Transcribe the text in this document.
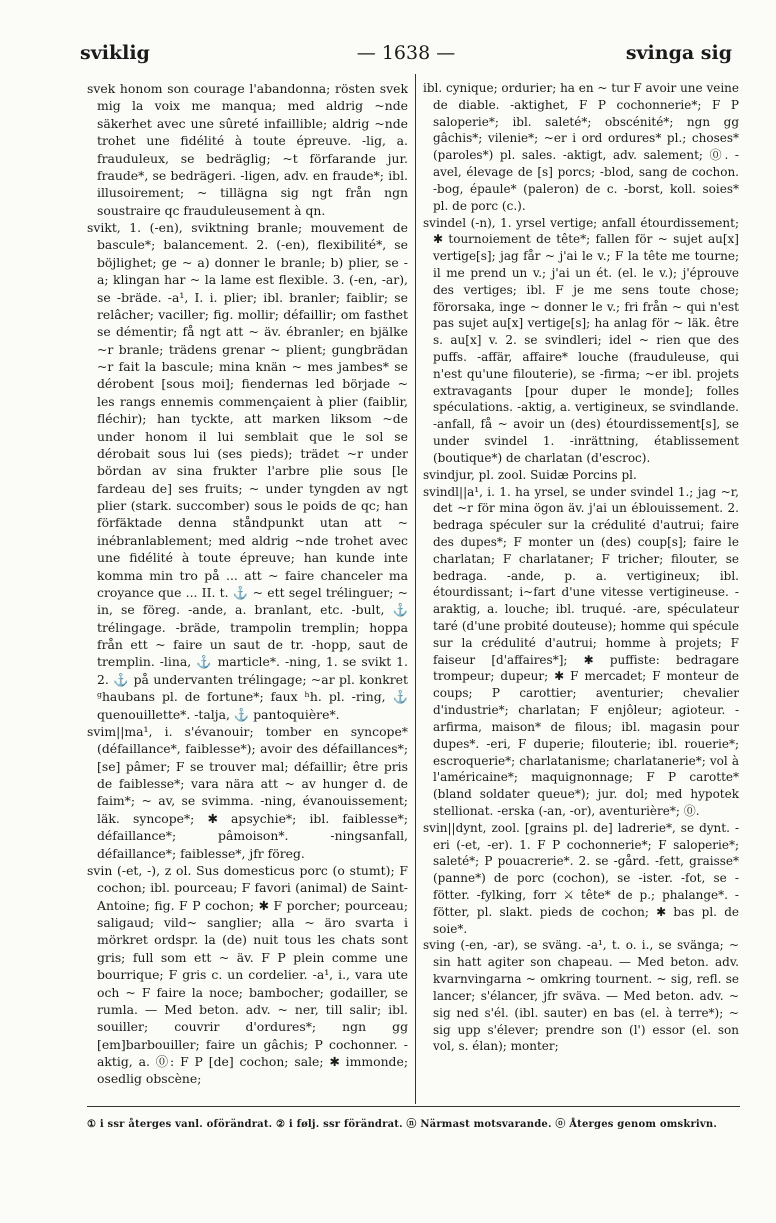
sviklig	— 1638 —	svinga sig

svek honom son courage l'abandonna; rösten svek mig la voix me manqua; med aldrig ~nde säkerhet avec une sûreté infaillible; aldrig ~nde trohet une fidélité à toute épreuve. -lig, a. frauduleux, se bedräglig; ~t förfarande jur. fraude*, se bedrägeri. -ligen, adv. en fraude*; ibl. illusoirement; ~ tillägna sig ngt från ngn soustraire qc frauduleusement à qn.

svikt, 1. (-en), sviktning branle; mouvement de bascule*; balancement. 2. (-en), flexibilité*, se böjlighet; ge ~ a) donner le branle; b) plier, se -a; klingan har ~ la lame est flexible. 3. (-en, -ar), se -bräde. -a¹, I. i. plier; ibl. branler; faiblir; se relâcher; vaciller; fig. mollir; défaillir; om fasthet se démentir; få ngt att ~ äv. ébranler; en bjälke ~r branle; trädens grenar ~ plient; gungbrädan ~r fait la bascule; mina knän ~ mes jambes* se dérobent [sous moi]; fiendernas led började ~ les rangs ennemis commençaient à plier (faiblir, fléchir); han tyckte, att marken liksom ~de under honom il lui semblait que le sol se dérobait sous lui (ses pieds); trädet ~r under bördan av sina frukter l'arbre plie sous [le fardeau de] ses fruits; ~ under tyngden av ngt plier (stark. succomber) sous le poids de qc; han förfäktade denna ståndpunkt utan att ~ inébranlablement; med aldrig ~nde trohet avec une fidélité à toute épreuve; han kunde inte komma min tro på ... att ~ faire chanceler ma croyance que ... II. t. ⚓ ~ ett segel trélinguer; ~ in, se föreg. -ande, a. branlant, etc. -bult, ⚓ trélingage. -bräde, trampolin tremplin; hoppa från ett ~ faire un saut de tr. -hopp, saut de tremplin. -lina, ⚓ marticle*. -ning, 1. se svikt 1. 2. ⚓ på undervanten trélingage; ~ar pl. konkret ᵍhaubans pl. de fortune*; faux ʰh. pl. -ring, ⚓ quenouillette*. -talja, ⚓ pantoquière*.

svim||ma¹, i. s'évanouir; tomber en syncope* (défaillance*, faiblesse*); avoir des défaillances*; [se] pâmer; F se trouver mal; défaillir; être pris de faiblesse*; vara nära att ~ av hunger d. de faim*; ~ av, se svimma. -ning, évanouissement; läk. syncope*; ✱ apsychie*; ibl. faiblesse*; défaillance*; pâmoison*. -ningsanfall, défaillance*; faiblesse*, jfr föreg.

svin (-et, -), z ol. Sus domesticus porc (o stumt); F cochon; ibl. pourceau; F favori (animal) de Saint-Antoine; fig. F P cochon; ✱ F porcher; pourceau; saligaud; vild~ sanglier; alla ~ äro svarta i mörkret ordspr. la (de) nuit tous les chats sont gris; full som ett ~ äv. F P plein comme une bourrique; F gris c. un cordelier. -a¹, i., vara ute och ~ F faire la noce; bambocher; godailler, se rumla. — Med beton. adv. ~ ner, till salir; ibl. souiller; couvrir d'ordures*; ngn gg [em]barbouiller; faire un gâchis; P cochonner. -aktig, a. ⓪: F P [de] cochon; sale; ✱ immonde; osedlig obscène;

ibl. cynique; ordurier; ha en ~ tur F avoir une veine de diable. -aktighet, F P cochonnerie*; F P saloperie*; ibl. saleté*; obscénité*; ngn gg gâchis*; vilenie*; ~er i ord ordures* pl.; choses* (paroles*) pl. sales. -aktigt, adv. salement; ⓪. -avel, élevage de [s] porcs; -blod, sang de cochon. -bog, épaule* (paleron) de c. -borst, koll. soies* pl. de porc (c.).

svindel (-n), 1. yrsel vertige; anfall étourdissement; ✱ tournoiement de tête*; fallen för ~ sujet au[x] vertige[s]; jag får ~ j'ai le v.; F la tête me tourne; il me prend un v.; j'ai un ét. (el. le v.); j'éprouve des vertiges; ibl. F je me sens toute chose; förorsaka, inge ~ donner le v.; fri från ~ qui n'est pas sujet au[x] vertige[s]; ha anlag för ~ läk. être s. au[x] v. 2. se svindleri; idel ~ rien que des puffs. -affär, affaire* louche (frauduleuse, qui n'est qu'une filouterie), se -firma; ~er ibl. projets extravagants [pour duper le monde]; folles spéculations. -aktig, a. vertigineux, se svindlande. -anfall, få ~ avoir un (des) étourdissement[s], se under svindel 1. -inrättning, établissement (boutique*) de charlatan (d'escroc).

svindjur, pl. zool. Suidæ Porcins pl.

svindl||a¹, i. 1. ha yrsel, se under svindel 1.; jag ~r, det ~r för mina ögon äv. j'ai un éblouissement. 2. bedraga spéculer sur la crédulité d'autrui; faire des dupes*; F monter un (des) coup[s]; faire le charlatan; F charlataner; F tricher; filouter, se bedraga. -ande, p. a. vertigineux; ibl. étourdissant; i~fart d'une vitesse vertigineuse. -araktig, a. louche; ibl. truqué. -are, spéculateur taré (d'une probité douteuse); homme qui spécule sur la crédulité d'autrui; homme à projets; F faiseur [d'affaires*]; ✱ puffiste: bedragare trompeur; dupeur; ✱ F mercadet; F monteur de coups; P carottier; aventurier; chevalier d'industrie*; charlatan; F enjôleur; agioteur. -arfirma, maison* de filous; ibl. magasin pour dupes*. -eri, F duperie; filouterie; ibl. rouerie*; escroquerie*; charlatanisme; charlatanerie*; vol à l'américaine*; maquignonnage; F P carotte* (bland soldater queue*); jur. dol; med hypotek stellionat. -erska (-an, -or), aventurière*; ⓪.

svin||dynt, zool. [grains pl. de] ladrerie*, se dynt. -eri (-et, -er). 1. F P cochonnerie*; F saloperie*; saleté*; P pouacrerie*. 2. se -gård. -fett, graisse* (panne*) de porc (cochon), se -ister. -fot, se -fötter. -fylking, forr ⚔ tête* de p.; phalange*. -fötter, pl. slakt. pieds de cochon; ✱ bas pl. de soie*.

sving (-en, -ar), se sväng. -a¹, t. o. i., se svänga; ~ sin hatt agiter son chapeau. — Med beton. adv. kvarnvingarna ~ omkring tournent. ~ sig, refl. se lancer; s'élancer, jfr sväva. — Med beton. adv. ~ sig ned s'él. (ibl. sauter) en bas (el. à terre*); ~ sig upp s'élever; prendre son (l') essor (el. son vol, s. élan); monter;

① i ssr återges vanl. oförändrat. ② i følj. ssr förändrat. ⓝ Närmast motsvarande. ⓞ Återges genom omskrivn.
